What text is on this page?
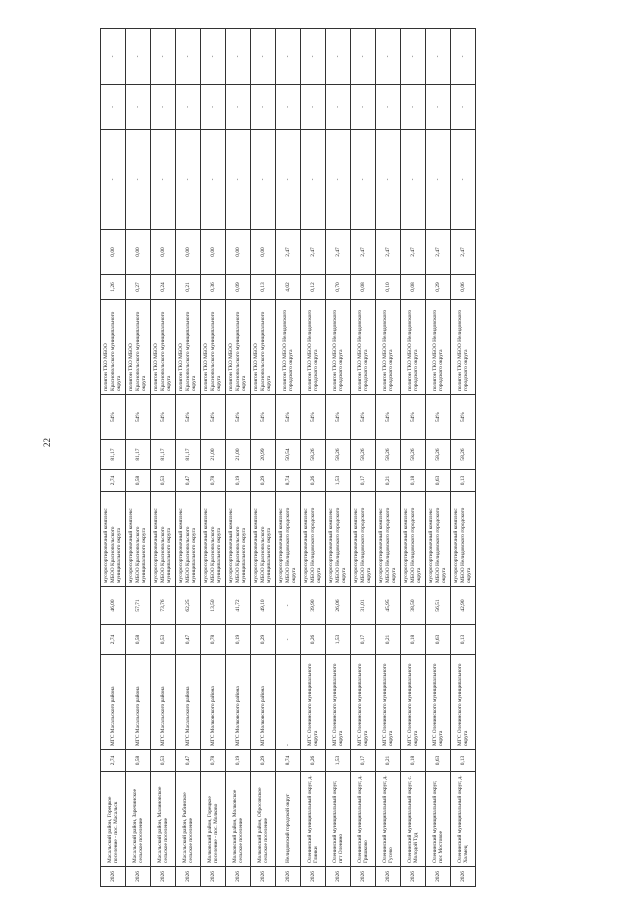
22
2026	Масальский район, Горецкое поселение - пос. Масальск	2,74	МГС Масальского района	2,74	46,00	мусоросортировочный комплекс МБОО Краснопольского муниципального округа	2,74	81,17	54%	полигон ТКО МБОО Краснопольского муниципального округа	1,26	0,00	-	-	-
2026	Масальский район, Заречинское сельское поселение	0,58	МГС Масальского района	0,58	57,71	мусоросортировочный комплекс МБОО Краснопольского муниципального округа	0,58	81,17	54%	полигон ТКО МБОО Краснопольского муниципального округа	0,27	0,00	-	-	-
2026	Масальский район, Малиновское сельское поселение	0,53	МГС Масальского района	0,53	73,76	мусоросортировочный комплекс МБОО Краснопольского муниципального округа	0,53	81,17	54%	полигон ТКО МБОО Краснопольского муниципального округа	0,24	0,00	-	-	-
2026	Масальский район, Рыбинское сельское поселение	0,47	МГС Масальского района	0,47	62,25	мусоросортировочный комплекс МБОО Краснопольского муниципального округа	0,47	81,17	54%	полигон ТКО МБОО Краснопольского муниципального округа	0,21	0,00	-	-	-
2026	Молковский район, Горецкое поселение - пос. Молково	0,78	МГС Молковского района	0,78	13,50	мусоросортировочный комплекс МБОО Краснопольского муниципального округа	0,78	21,00	54%	полигон ТКО МБОО Краснопольского муниципального округа	0,36	0,00	-	-	-
2026	Молковский район, Молковское сельское поселение	0,19	МГС Молковского района	0,19	41,72	мусоросортировочный комплекс МБОО Краснопольского муниципального округа	0,19	21,00	54%	полигон ТКО МБОО Краснопольского муниципального округа	0,09	0,00	-	-	-
2026	Молковский район, Обросовское сельское поселение	0,29	МГС Молковского района	0,29	49,10	мусоросортировочный комплекс МБОО Краснопольского муниципального округа	0,29	20,99	54%	полигон ТКО МБОО Краснопольского муниципального округа	0,13	0,00	-	-	-
2026	Нелидовский городской округ	8,74	-	-	-	мусоросортировочный комплекс МБОО Нелидовского городского округа	8,74	50,54	54%	полигон ТКО МБОО Нелидовского городского округа	4,02	2,47	-	-	-
2026	Оленинский муниципальный округ, д. Глинки	0,26	МГС Оленинского муниципального округа	0,26	39,90	мусоросортировочный комплекс МБОО Нелидовского городского округа	0,26	58,26	54%	полигон ТКО МБОО Нелидовского городского округа	0,12	2,47	-	-	-
2026	Оленинский муниципальный округ, пгт Оленино	1,53	МГС Оленинского муниципального округа	1,53	26,06	мусоросортировочный комплекс МБОО Нелидовского городского округа	1,53	58,26	54%	полигон ТКО МБОО Нелидовского городского округа	0,70	2,47	-	-	-
2026	Оленинский муниципальный округ, д. Гришково	0,17	МГС Оленинского муниципального округа	0,17	31,01	мусоросортировочный комплекс МБОО Нелидовского городского округа	0,17	58,26	54%	полигон ТКО МБОО Нелидовского городского округа	0,08	2,47	-	-	-
2026	Оленинский муниципальный округ, д. Гусево	0,21	МГС Оленинского муниципального округа	0,21	45,95	мусоросортировочный комплекс МБОО Нелидовского городского округа	0,21	58,26	54%	полигон ТКО МБОО Нелидовского городского округа	0,10	2,47	-	-	-
2026	Оленинский муниципальный округ, с. Молодой Туд	0,18	МГС Оленинского муниципального округа	0,18	38,50	мусоросортировочный комплекс МБОО Нелидовского городского округа	0,18	58,26	54%	полигон ТКО МБОО Нелидовского городского округа	0,08	2,47	-	-	-
2026	Оленинский муниципальный округ, пос Мостовое	0,63	МГС Оленинского муниципального округа	0,63	56,51	мусоросортировочный комплекс МБОО Нелидовского городского округа	0,63	58,26	54%	полигон ТКО МБОО Нелидовского городского округа	0,29	2,47	-	-	-
2026	Оленинский муниципальный округ, д. Холмец	0,13	МГС Оленинского муниципального округа	0,13	42,90	мусоросортировочный комплекс МБОО Нелидовского городского округа	0,13	58,26	54%	полигон ТКО МБОО Нелидовского городского округа	0,06	2,47	-	-	-
